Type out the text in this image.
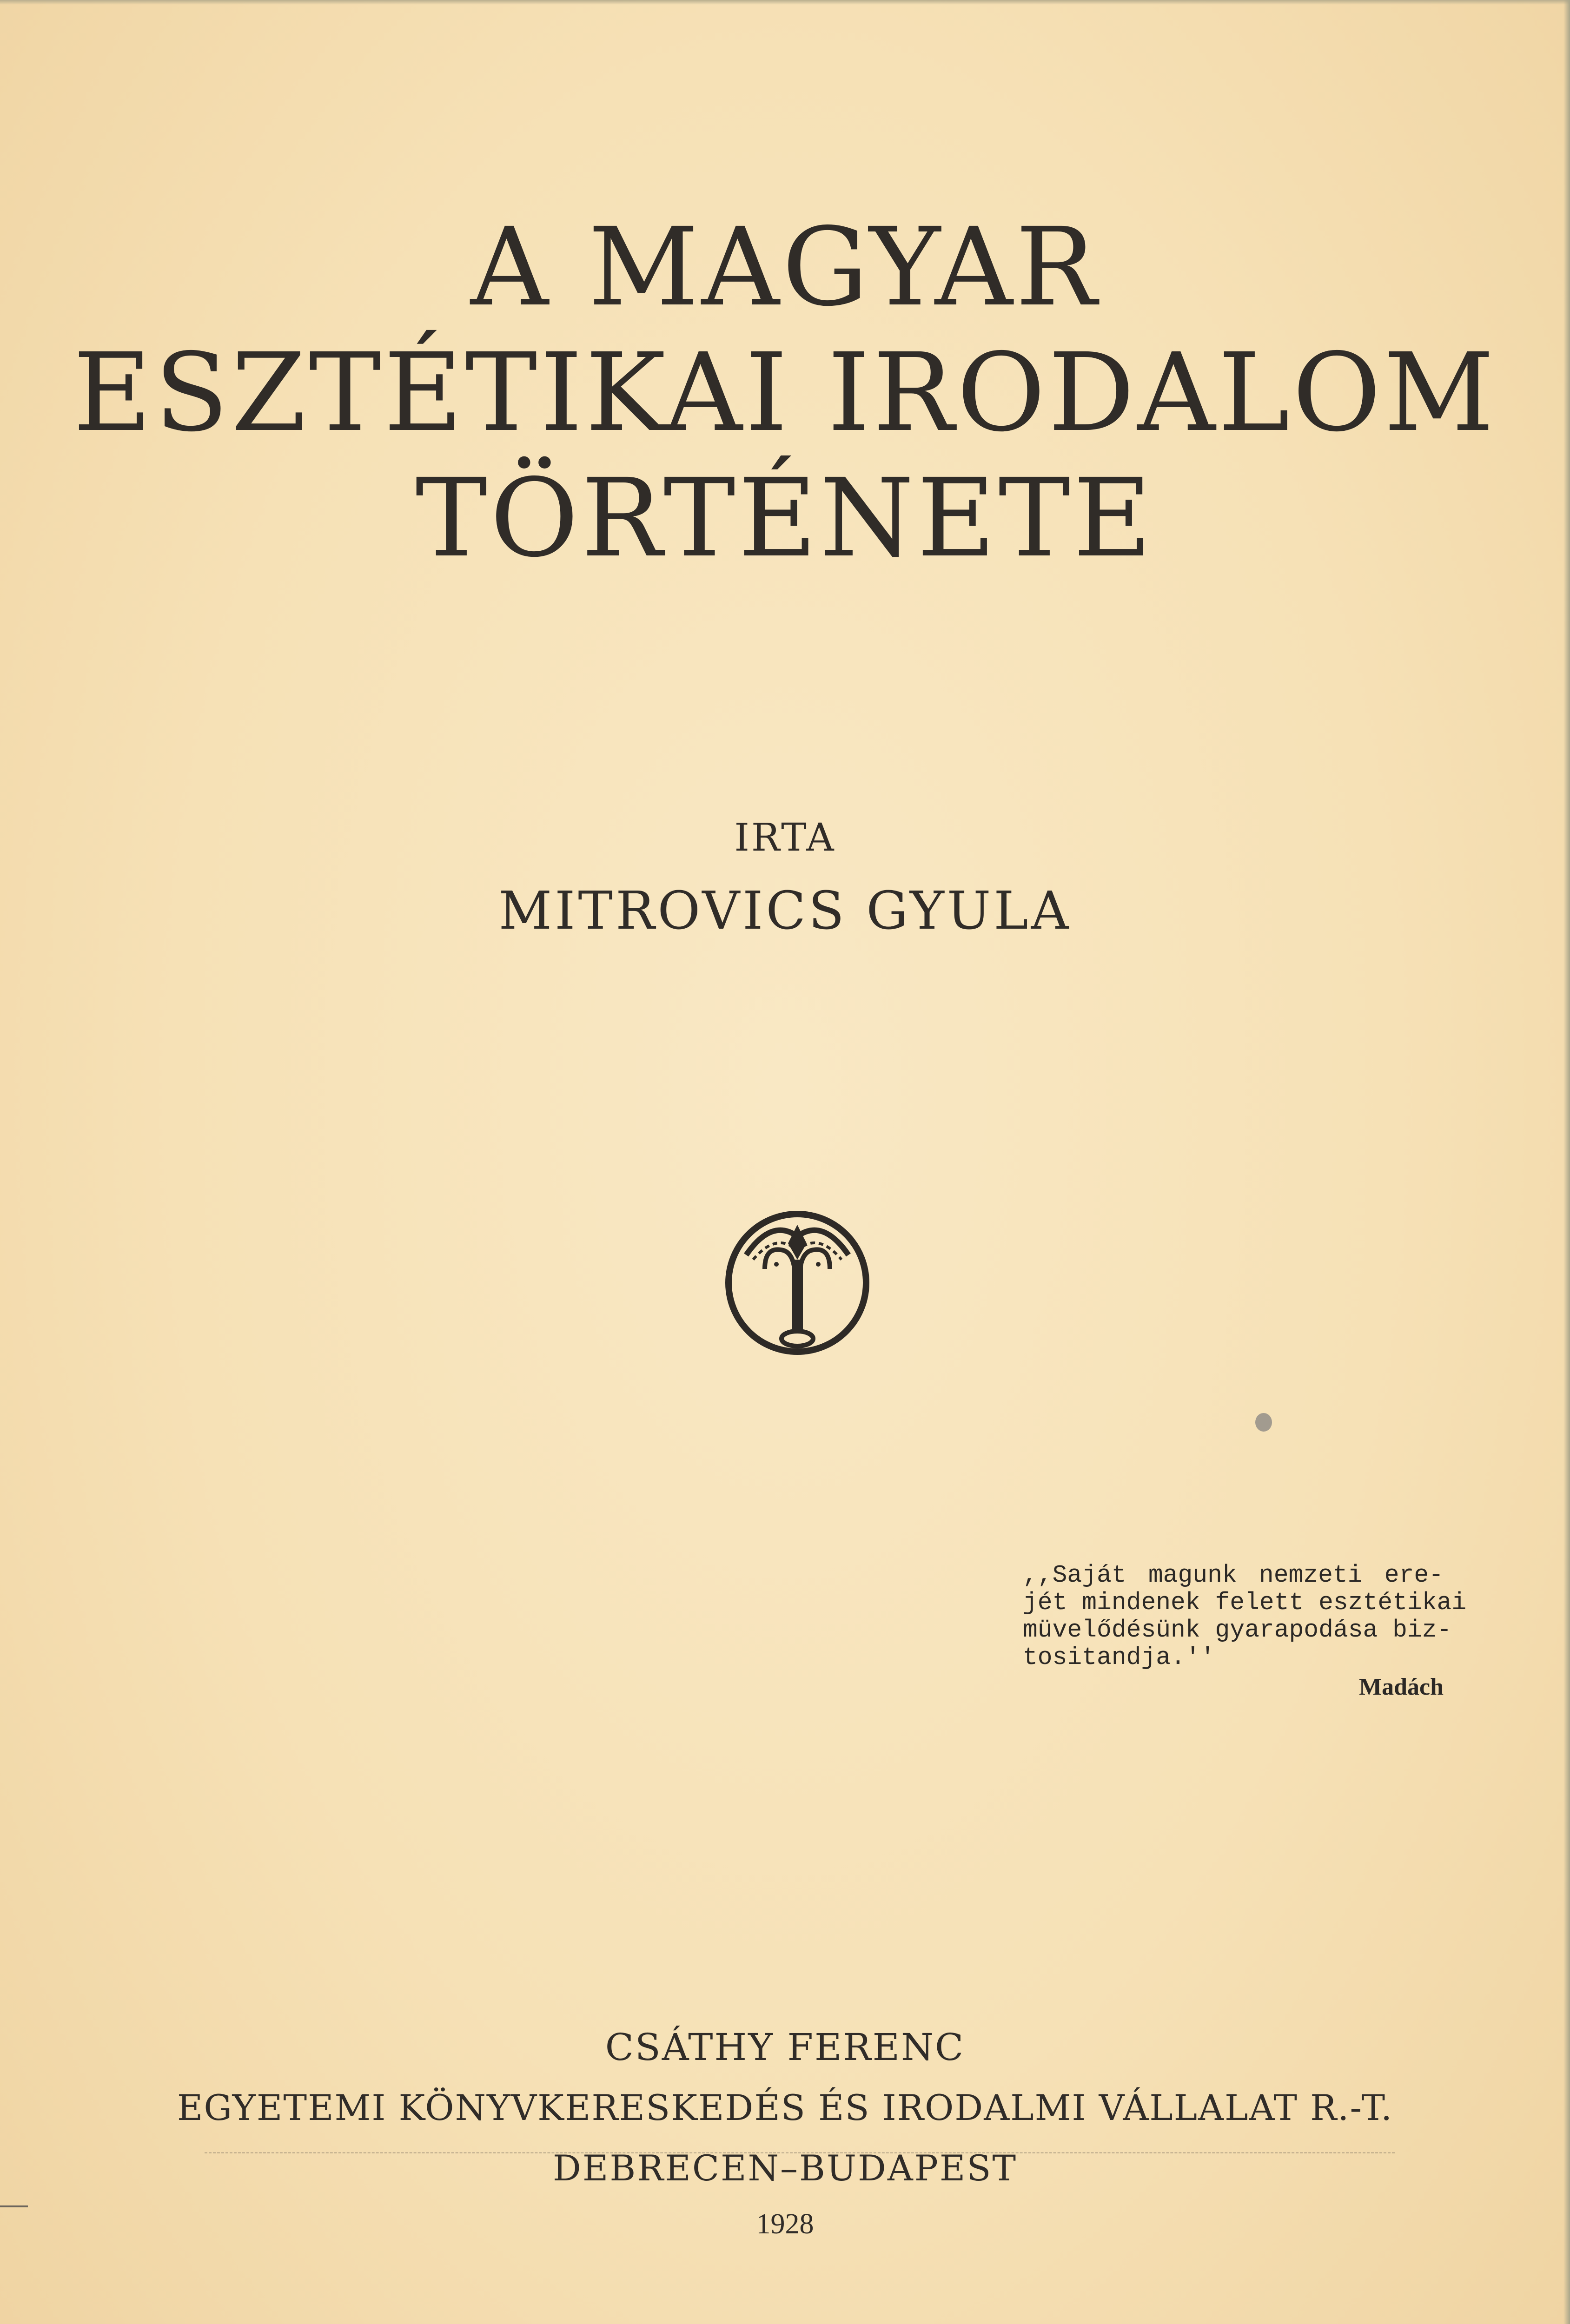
A MAGYAR
ESZTÉTIKAI IRODALOM
TÖRTÉNETE
IRTA
MITROVICS GYULA
,,Saját magunk nemzeti ere-
jét mindenek felett esztétikai
müvelődésünk gyarapodása biz-
tositandja.''
Madách
CSÁTHY FERENC
EGYETEMI KÖNYVKERESKEDÉS ÉS IRODALMI VÁLLALAT R.-T.
DEBRECEN–BUDAPEST
1928
